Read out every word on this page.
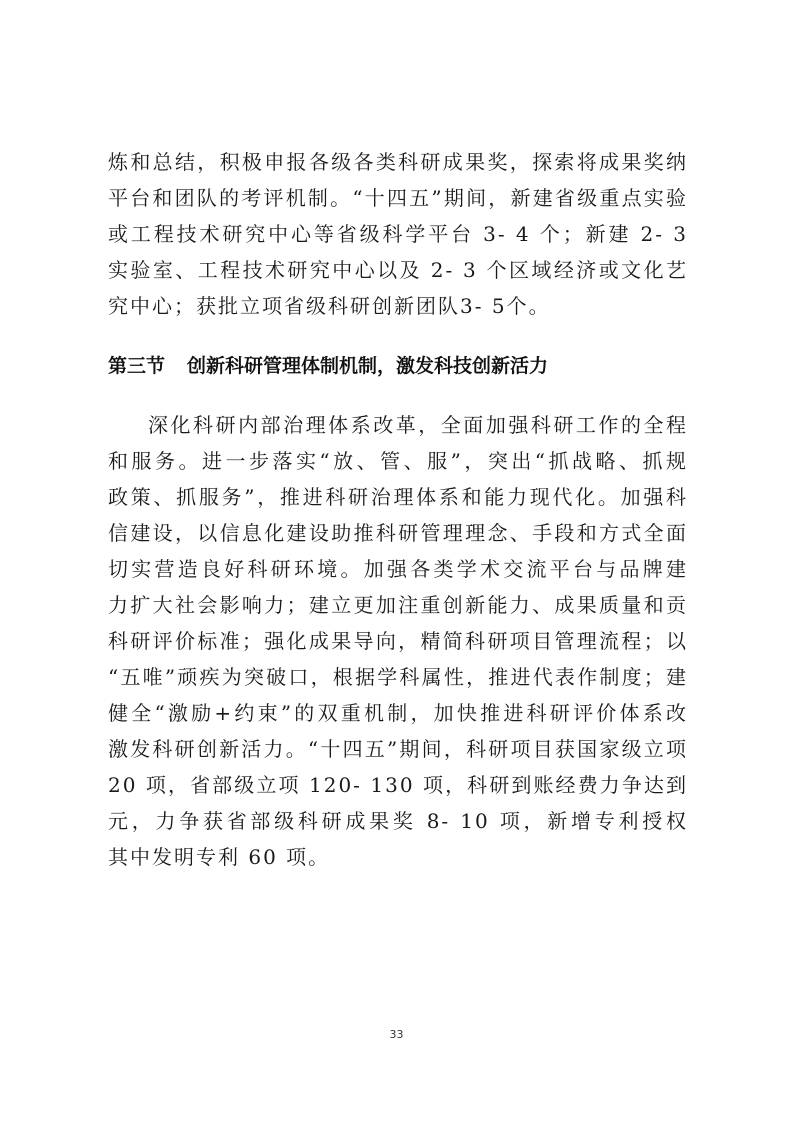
炼和总结，积极申报各级各类科研成果奖，探索将成果奖纳
平台和团队的考评机制。“十四五”期间，新建省级重点实验
或工程技术研究中心等省级科学平台 3- 4 个；新建 2- 3
实验室、工程技术研究中心以及 2- 3 个区域经济或文化艺
究中心；获批立项省级科研创新团队3- 5个。
第三节 创新科研管理体制机制，激发科技创新活力
深化科研内部治理体系改革，全面加强科研工作的全程
和服务。进一步落实“放、管、服”，突出“抓战略、抓规
政策、抓服务”，推进科研治理体系和能力现代化。加强科
信建设，以信息化建设助推科研管理理念、手段和方式全面
切实营造良好科研环境。加强各类学术交流平台与品牌建
力扩大社会影响力；建立更加注重创新能力、成果质量和贡
科研评价标准；强化成果导向，精简科研项目管理流程；以
“五唯”顽疾为突破口，根据学科属性，推进代表作制度；建
健全“激励+约束”的双重机制，加快推进科研评价体系改
激发科研创新活力。“十四五”期间，科研项目获国家级立项
20 项，省部级立项 120- 130 项，科研到账经费力争达到
元，力争获省部级科研成果奖 8- 10 项，新增专利授权
其中发明专利 60 项。
33
